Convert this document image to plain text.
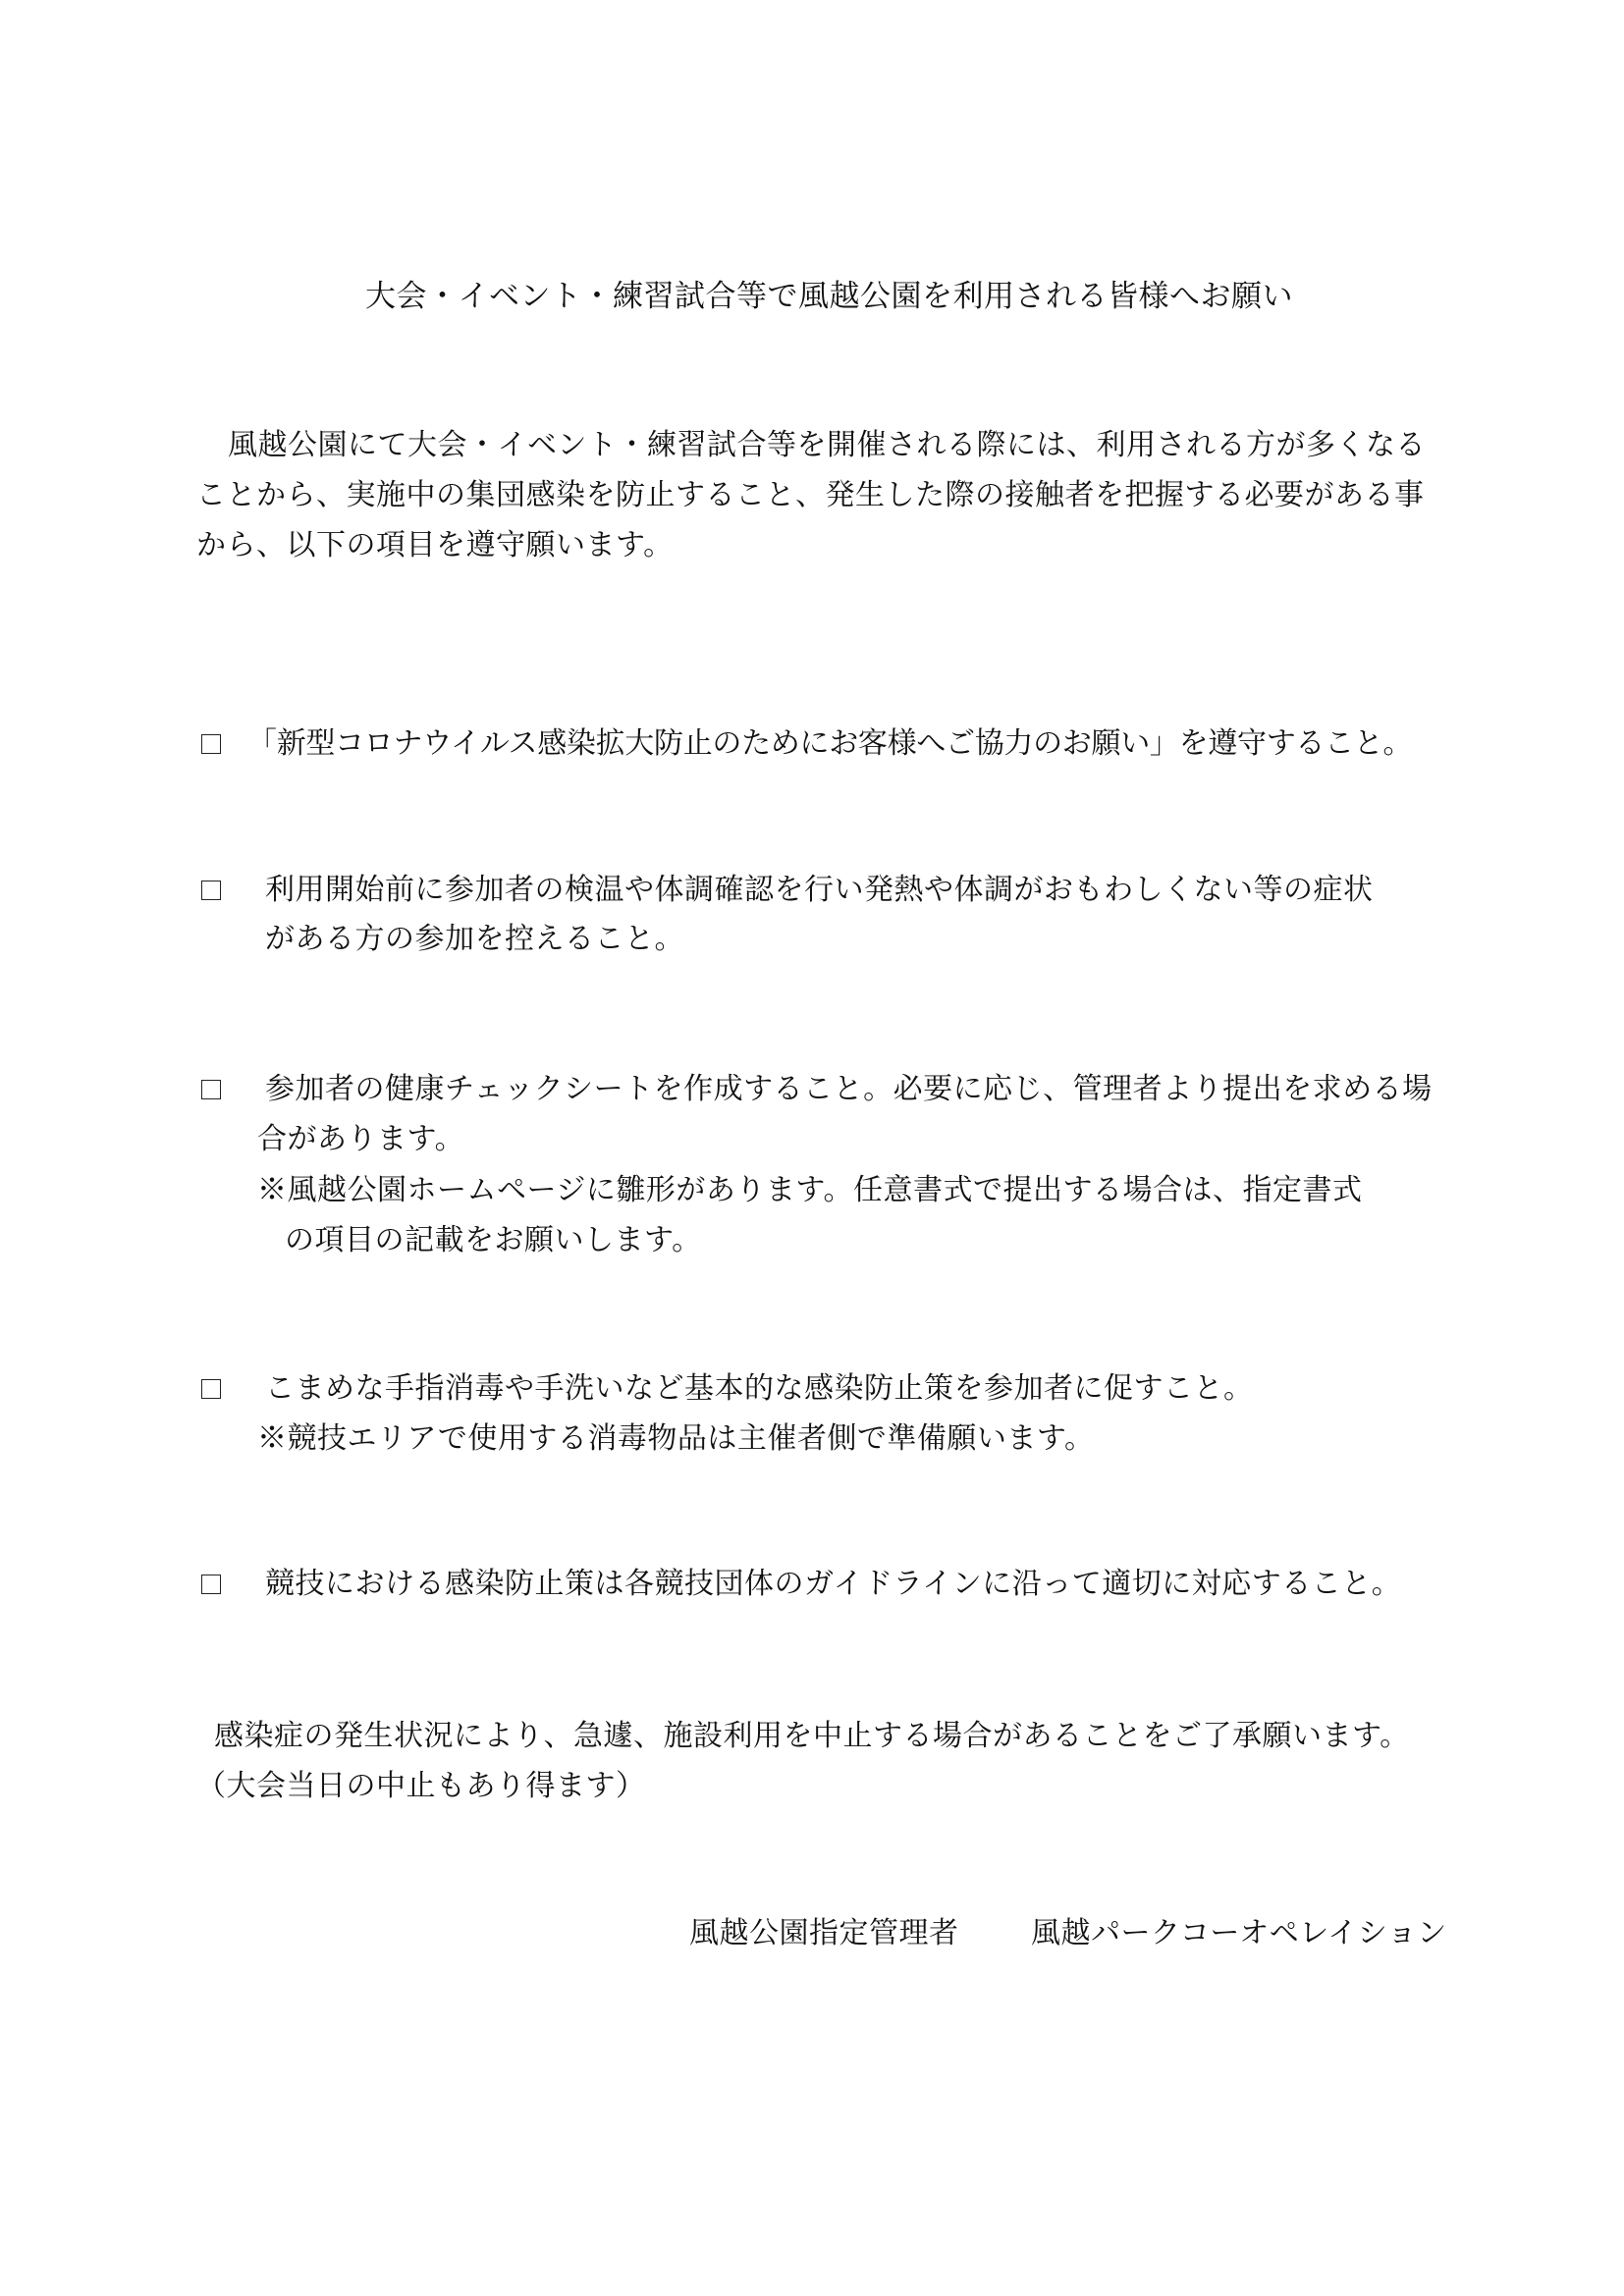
大会・イベント・練習試合等で風越公園を利用される皆様へお願い
風越公園にて大会・イベント・練習試合等を開催される際には、利用される方が多くなる
ことから、実施中の集団感染を防止すること、発生した際の接触者を把握する必要がある事
から、以下の項目を遵守願います。
「新型コロナウイルス感染拡大防止のためにお客様へご協力のお願い」を遵守すること。
利用開始前に参加者の検温や体調確認を行い発熱や体調がおもわしくない等の症状
がある方の参加を控えること。
参加者の健康チェックシートを作成すること。必要に応じ、管理者より提出を求める場
合があります。
※風越公園ホームページに雛形があります。任意書式で提出する場合は、指定書式
の項目の記載をお願いします。
こまめな手指消毒や手洗いなど基本的な感染防止策を参加者に促すこと。
※競技エリアで使用する消毒物品は主催者側で準備願います。
競技における感染防止策は各競技団体のガイドラインに沿って適切に対応すること。
感染症の発生状況により、急遽、施設利用を中止する場合があることをご了承願います。
（大会当日の中止もあり得ます）
風越公園指定管理者 風越パークコーオペレイション
